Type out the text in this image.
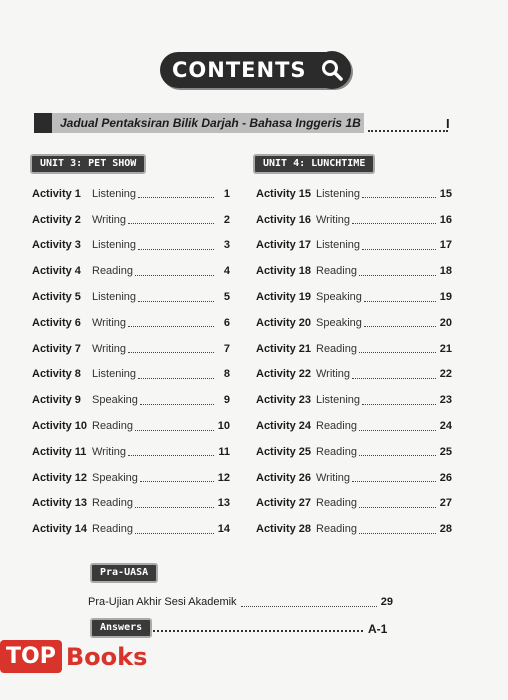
CONTENTS
Jadual Pentaksiran Bilik Darjah - Bahasa Inggeris 1B	I
UNIT 3: PET SHOW	UNIT 4: LUNCHTIME
Activity 1	Listening	1
Activity 2	Writing	2
Activity 3	Listening	3
Activity 4	Reading	4
Activity 5	Listening	5
Activity 6	Writing	6
Activity 7	Writing	7
Activity 8	Listening	8
Activity 9	Speaking	9
Activity 10 Reading	10
Activity 11 Writing	11
Activity 12 Speaking	12
Activity 13 Reading	13
Activity 14 Reading	14
Activity 15 Listening	15
Activity 16 Writing	16
Activity 17 Listening	17
Activity 18 Reading	18
Activity 19 Speaking	19
Activity 20 Speaking	20
Activity 21 Reading	21
Activity 22 Writing	22
Activity 23 Listening	23
Activity 24 Reading	24
Activity 25 Reading	25
Activity 26 Writing	26
Activity 27 Reading	27
Activity 28 Reading	28
Pra-UASA
Pra-Ujian Akhir Sesi Akademik	29
Answers	A-1
TOP Books
